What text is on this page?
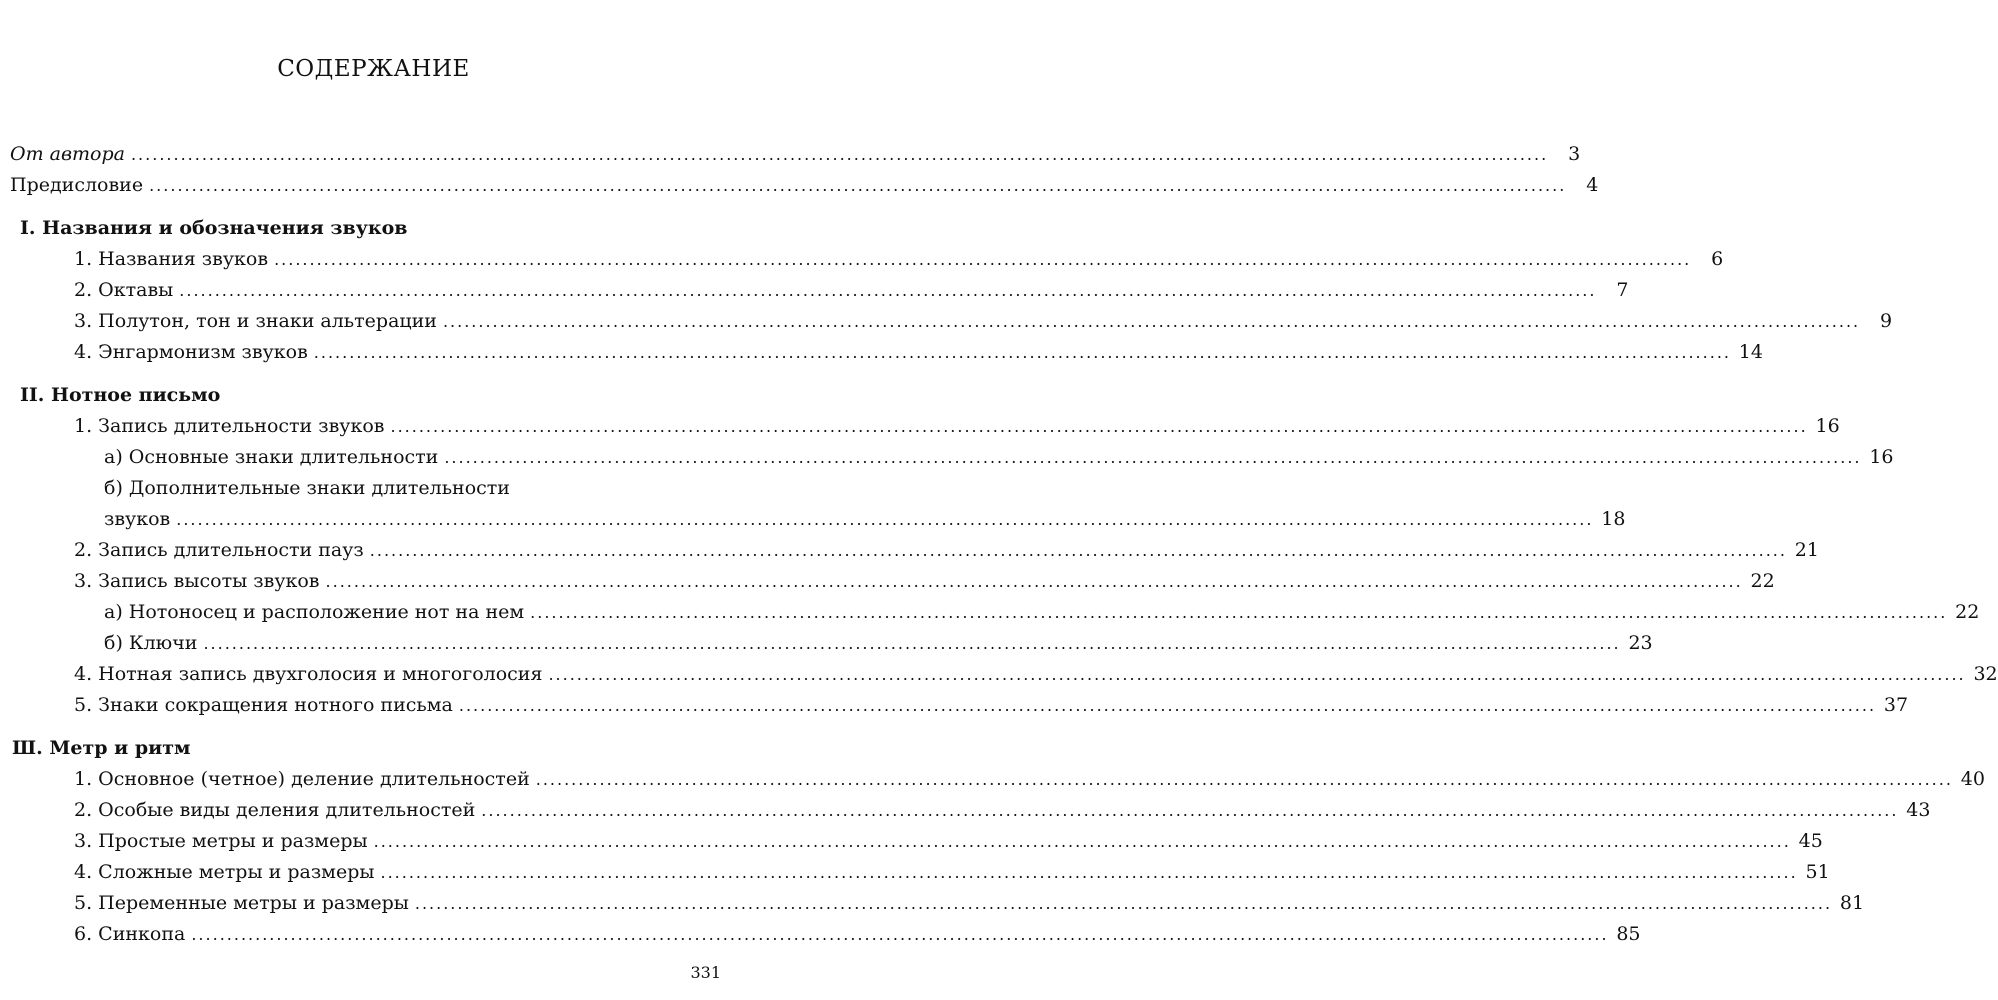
СОДЕРЖАНИЕ
От автора ........................................................................................................................................................................................................	3
Предисловие ........................................................................................................................................................................................................	4
I. Названия и обозначения звуков
1. Названия звуков ........................................................................................................................................................................................................	6
2. Октавы ........................................................................................................................................................................................................	7
3. Полутон, тон и знаки альтерации ........................................................................................................................................................................................................	9
4. Энгармонизм звуков ........................................................................................................................................................................................................ 14
II. Нотное письмо
1. Запись длительности звуков ........................................................................................................................................................................................................ 16
а) Основные знаки длительности ........................................................................................................................................................................................................ 16
б) Дополнительные знаки длительности
звуков ........................................................................................................................................................................................................ 18
2. Запись длительности пауз ........................................................................................................................................................................................................ 21
3. Запись высоты звуков ........................................................................................................................................................................................................ 22
а) Нотоносец и расположение нот на нем ........................................................................................................................................................................................................ 22
б) Ключи ........................................................................................................................................................................................................ 23
4. Нотная запись двухголосия и многоголосия ........................................................................................................................................................................................................ 32
5. Знаки сокращения нотного письма ........................................................................................................................................................................................................ 37
Ш. Метр и ритм
1. Основное (четное) деление длительностей ........................................................................................................................................................................................................ 40
2. Особые виды деления длительностей ........................................................................................................................................................................................................ 43
3. Простые метры и размеры ........................................................................................................................................................................................................ 45
4. Сложные метры и размеры ........................................................................................................................................................................................................ 51
5. Переменные метры и размеры ........................................................................................................................................................................................................ 81
6. Синкопа ........................................................................................................................................................................................................ 85
331
